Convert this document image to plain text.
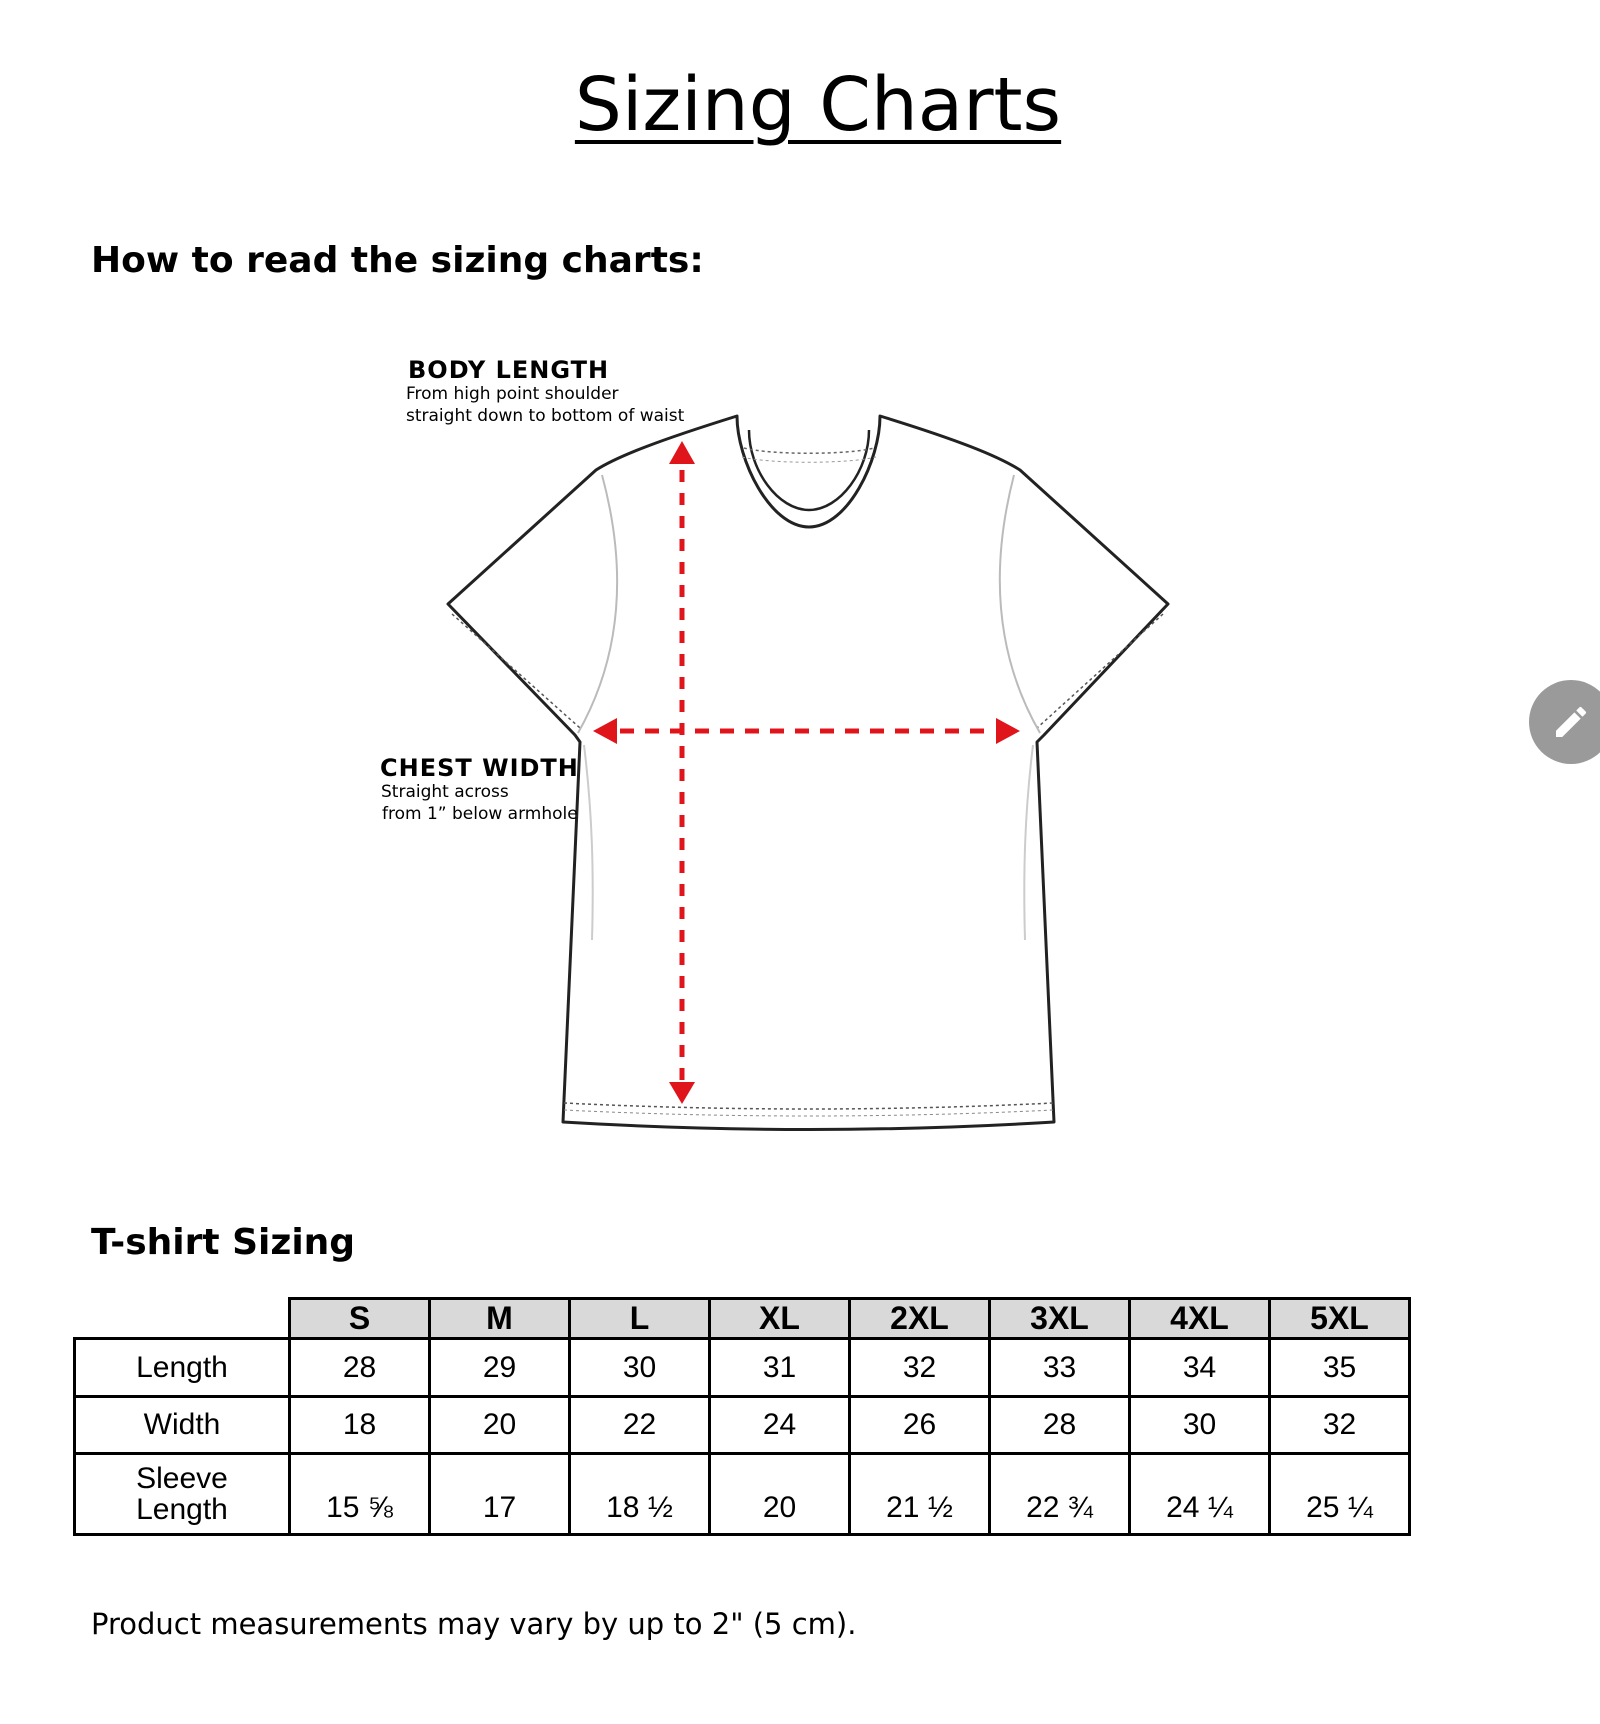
Sizing Charts
How to read the sizing charts:
BODY LENGTH
From high point shoulder
straight down to bottom of waist
CHEST WIDTH
Straight across
from 1” below armhole
T-shirt Sizing
	S	M	L	XL	2XL	3XL	4XL	5XL
Length	28	29	30	31	32	33	34	35
Width	18	20	22	24	26	28	30	32
Sleeve
Length	15 ⅝	17	18 ½	20	21 ½	22 ¾	24 ¼	25 ¼

Product measurements may vary by up to 2" (5 cm).
